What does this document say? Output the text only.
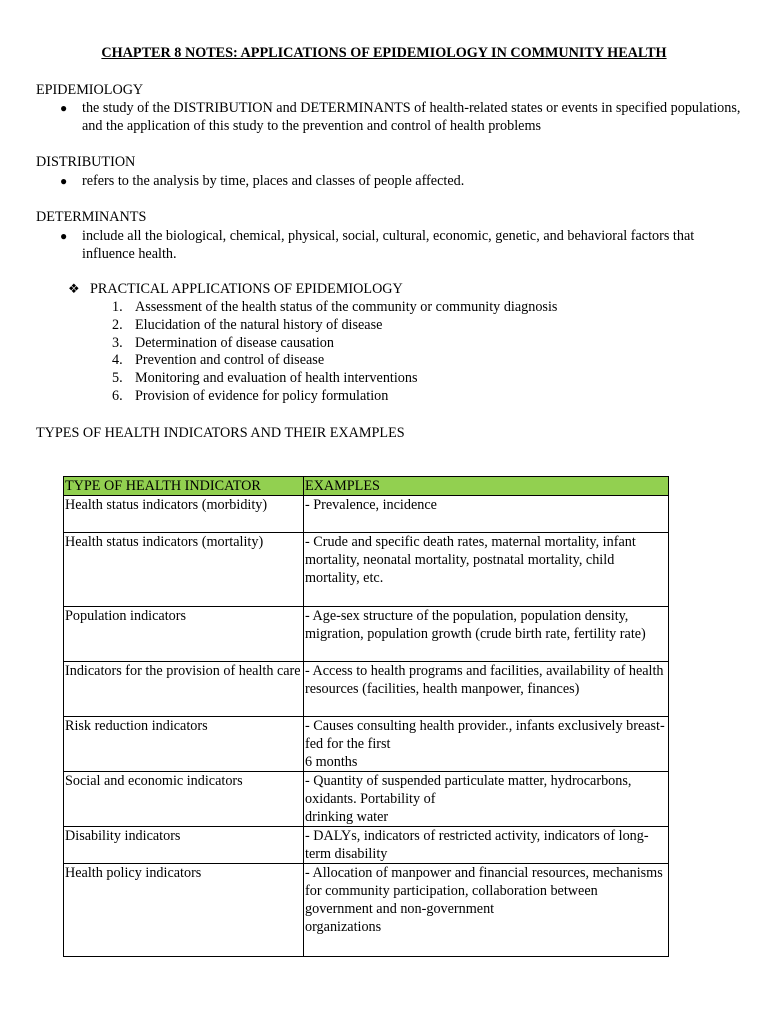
CHAPTER 8 NOTES: APPLICATIONS OF EPIDEMIOLOGY IN COMMUNITY HEALTH
EPIDEMIOLOGY
●	the study of the DISTRIBUTION and DETERMINANTS of health-related states or events in specified populations, and the application of this study to the prevention and control of health problems
DISTRIBUTION
●	refers to the analysis by time, places and classes of people affected.
DETERMINANTS
●	include all the biological, chemical, physical, social, cultural, economic, genetic, and behavioral factors that influence health.
❖ PRACTICAL APPLICATIONS OF EPIDEMIOLOGY
1. Assessment of the health status of the community or community diagnosis
2. Elucidation of the natural history of disease
3. Determination of disease causation
4. Prevention and control of disease
5. Monitoring and evaluation of health interventions
6. Provision of evidence for policy formulation
TYPES OF HEALTH INDICATORS AND THEIR EXAMPLES
TYPE OF HEALTH INDICATOR	EXAMPLES
Health status indicators (morbidity)	- Prevalence, incidence
Health status indicators (mortality)	- Crude and specific death rates, maternal mortality, infant mortality, neonatal mortality, postnatal mortality, child mortality, etc.
Population indicators	- Age-sex structure of the population, population density, migration, population growth (crude birth rate, fertility rate)
Indicators for the provision of health care	- Access to health programs and facilities, availability of health resources (facilities, health manpower, finances)
Risk reduction indicators	- Causes consulting health provider., infants exclusively breast-fed for the first
6 months
Social and economic indicators	- Quantity of suspended particulate matter, hydrocarbons, oxidants. Portability of
drinking water
Disability indicators	- DALYs, indicators of restricted activity, indicators of long-term disability
Health policy indicators	- Allocation of manpower and financial resources, mechanisms for community participation, collaboration between government and non-government
organizations
